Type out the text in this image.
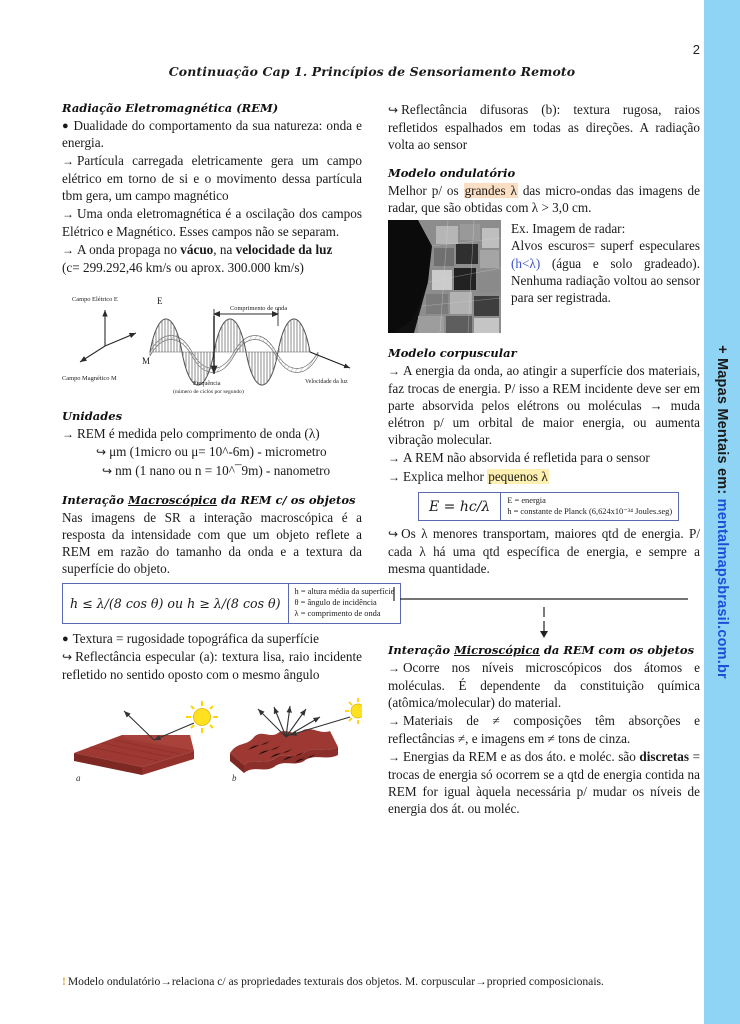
2
Continuação Cap 1. Princípios de Sensoriamento Remoto
Radiação Eletromagnética (REM)

● Dualidade do comportamento da sua natureza: onda e energia.

→ Partícula carregada eletricamente gera um campo elétrico em torno de si e o movimento dessa partícula tbm gera, um campo magnético

→ Uma onda eletromagnética é a oscilação dos campos Elétrico e Magnético. Esses campos não se separam.

→ A onda propaga no vácuo, na velocidade da luz
(c= 299.292,46 km/s ou aprox. 300.000 km/s)

Campo Elétrico E
Campo Magnético M
E
M
Comprimento de onda
Frequência
(número de ciclos por segundo)
Velocidade da luz
Unidades

→ REM é medida pelo comprimento de onda (λ)

↪ μm (1micro ou μ= 10^-6m) - micrometro

↪ nm (1 nano ou n = 10^¯9m) - nanometro

Interação Macroscópica da REM c/ os objetos

Nas imagens de SR a interação macroscópica é a resposta da intensidade com que um objeto reflete a REM em razão do tamanho da onda e a textura da superfície do objeto.

h ≤ λ/(8 cos θ) ou h ≥ λ/(8 cos θ)
h = altura média da superfície
θ = ângulo de incidência
λ = comprimento de onda

● Textura = rugosidade topográfica da superfície

↪ Reflectância especular (a): textura lisa, raio incidente refletido no sentido oposto com o mesmo ângulo

a	b

↪ Reflectância difusoras (b): textura rugosa, raios refletidos espalhados em todas as direções. A radiação volta ao sensor

Modelo ondulatório

Melhor p/ os grandes λ das micro-ondas das imagens de radar, que são obtidas com λ > 3,0 cm.

Ex. Imagem de radar:
Alvos escuros= superf especulares (h<λ) (água e solo gradeado). Nenhuma radiação voltou ao sensor para ser registrada.
Modelo corpuscular

→ A energia da onda, ao atingir a superfície dos materiais, faz trocas de energia. P/ isso a REM incidente deve ser em parte absorvida pelos elétrons ou moléculas → muda elétron p/ um orbital de maior energia, ou aumenta vibração molecular.

→ A REM não absorvida é refletida para o sensor

→ Explica melhor pequenos λ

E = hc/λ	E = energia
h = constante de Planck (6,624x10⁻³⁴ Joules.seg)

↪ Os λ menores transportam, maiores qtd de energia. P/ cada λ há uma qtd específica de energia, e sempre a mesma quantidade.

Interação Microscópica da REM com os objetos

→ Ocorre nos níveis microscópicos dos átomos e moléculas. É dependente da constituição química (atômica/molecular) do material.

→ Materiais de ≠ composições têm absorções e reflectâncias ≠, e imagens em ≠ tons de cinza.

→ Energias da REM e as dos áto. e moléc. são discretas = trocas de energia só ocorrem se a qtd de energia contida na REM for igual àquela necessária p/ mudar os níveis de energia dos át. ou moléc.

! Modelo ondulatório→relaciona c/ as propriedades texturais dos objetos. M. corpuscular→propried composicionais.
+ Mapas Mentais em: mentalmapsbrasil.com.br
